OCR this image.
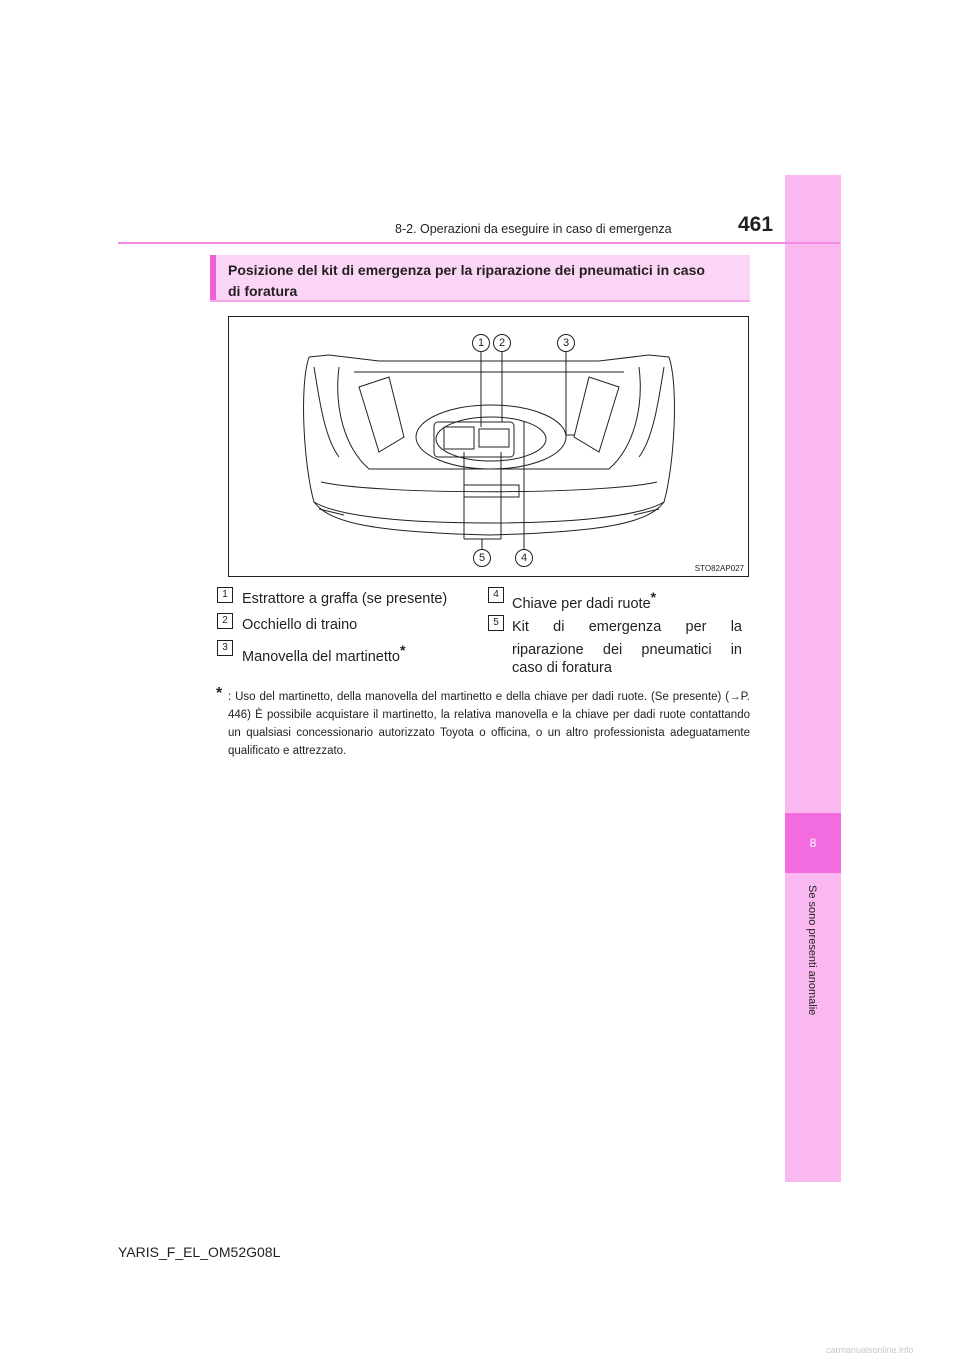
8
Se sono presenti anomalie
8-2. Operazioni da eseguire in caso di emergenza	461
Posizione del kit di emergenza per la riparazione dei pneumatici in caso
di foratura
1	2	3
5	4
STO82AP027
1 Estrattore a graffa (se presente)
2 Occhiello di traino
3
Manovella del martinetto*
4
Chiave per dadi ruote*
5 Kit di emergenza per la
riparazione dei pneumatici in
caso di foratura
* : Uso del martinetto, della manovella del martinetto e della chiave per dadi ruote. (Se presente) (→P. 446) È possibile acquistare il martinetto, la relativa manovella e la chiave per dadi ruote contattando un qualsiasi concessionario autorizzato Toyota o officina, o un altro professionista adeguatamente qualificato e attrezzato.
YARIS_F_EL_OM52G08L
carmanualsonline.info
